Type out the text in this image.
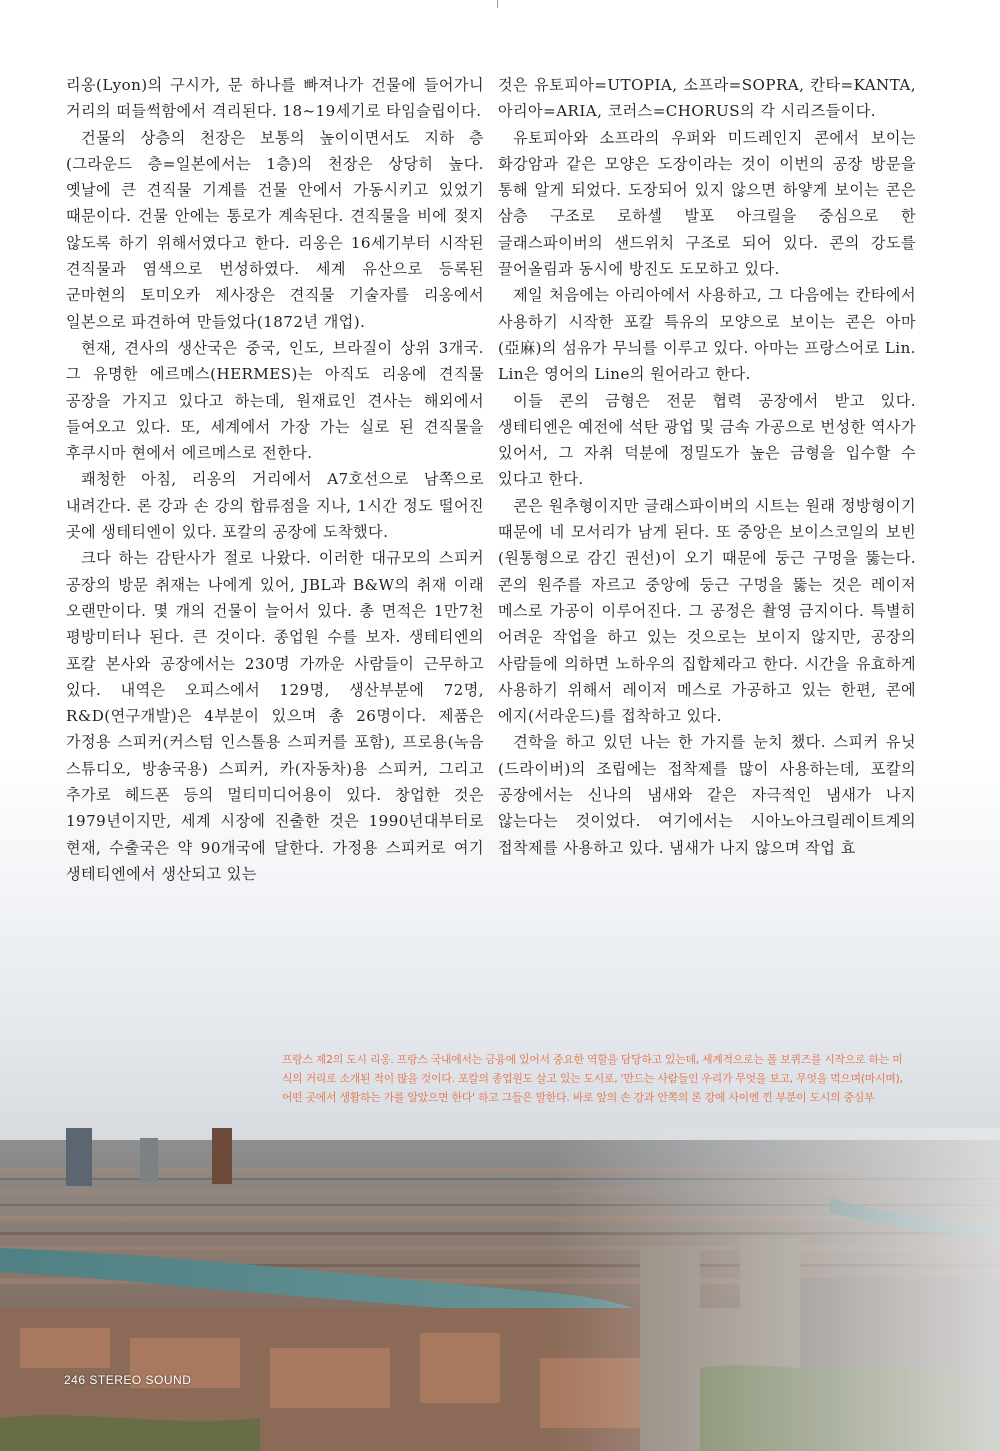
리옹(Lyon)의 구시가, 문 하나를 빠져나가 건물에 들어가니 거리의 떠들썩함에서 격리된다. 18~19세기로 타임슬립이다.

건물의 상층의 천장은 보통의 높이이면서도 지하 층(그라운드 층=일본에서는 1층)의 천장은 상당히 높다. 옛날에 큰 견직물 기계를 건물 안에서 가동시키고 있었기 때문이다. 건물 안에는 통로가 계속된다. 견직물을 비에 젖지 않도록 하기 위해서였다고 한다. 리옹은 16세기부터 시작된 견직물과 염색으로 번성하였다. 세계 유산으로 등록된 군마현의 토미오카 제사장은 견직물 기술자를 리옹에서 일본으로 파견하여 만들었다(1872년 개업).

현재, 견사의 생산국은 중국, 인도, 브라질이 상위 3개국. 그 유명한 에르메스(HERMES)는 아직도 리옹에 견직물 공장을 가지고 있다고 하는데, 원재료인 견사는 해외에서 들여오고 있다. 또, 세계에서 가장 가는 실로 된 견직물을 후쿠시마 현에서 에르메스로 전한다.

쾌청한 아침, 리옹의 거리에서 A7호선으로 남쪽으로 내려간다. 론 강과 손 강의 합류점을 지나, 1시간 정도 떨어진 곳에 생테티엔이 있다. 포칼의 공장에 도착했다.

크다 하는 감탄사가 절로 나왔다. 이러한 대규모의 스피커 공장의 방문 취재는 나에게 있어, JBL과 B&W의 취재 이래 오랜만이다. 몇 개의 건물이 늘어서 있다. 총 면적은 1만7천 평방미터나 된다. 큰 것이다. 종업원 수를 보자. 생테티엔의 포칼 본사와 공장에서는 230명 가까운 사람들이 근무하고 있다. 내역은 오피스에서 129명, 생산부분에 72명, R&D(연구개발)은 4부분이 있으며 총 26명이다. 제품은 가정용 스피커(커스텀 인스톨용 스피커를 포함), 프로용(녹음 스튜디오, 방송국용) 스피커, 카(자동차)용 스피커, 그리고 추가로 헤드폰 등의 멀티미디어용이 있다. 창업한 것은 1979년이지만, 세계 시장에 진출한 것은 1990년대부터로 현재, 수출국은 약 90개국에 달한다. 가정용 스피커로 여기 생테티엔에서 생산되고 있는

것은 유토피아=UTOPIA, 소프라=SOPRA, 칸타=KANTA, 아리아=ARIA, 코러스=CHORUS의 각 시리즈들이다.

유토피아와 소프라의 우퍼와 미드레인지 콘에서 보이는 화강암과 같은 모양은 도장이라는 것이 이번의 공장 방문을 통해 알게 되었다. 도장되어 있지 않으면 하얗게 보이는 콘은 삼층 구조로 로하셀 발포 아크릴을 중심으로 한 글래스파이버의 샌드위치 구조로 되어 있다. 콘의 강도를 끌어올림과 동시에 방진도 도모하고 있다.

제일 처음에는 아리아에서 사용하고, 그 다음에는 칸타에서 사용하기 시작한 포칼 특유의 모양으로 보이는 콘은 아마(亞麻)의 섬유가 무늬를 이루고 있다. 아마는 프랑스어로 Lin. Lin은 영어의 Line의 원어라고 한다.

이들 콘의 금형은 전문 협력 공장에서 받고 있다. 생테티엔은 예전에 석탄 광업 및 금속 가공으로 번성한 역사가 있어서, 그 자취 덕분에 정밀도가 높은 금형을 입수할 수 있다고 한다.

콘은 원추형이지만 글래스파이버의 시트는 원래 정방형이기 때문에 네 모서리가 남게 된다. 또 중앙은 보이스코일의 보빈(원통형으로 감긴 권선)이 오기 때문에 둥근 구멍을 뚫는다. 콘의 원주를 자르고 중앙에 둥근 구멍을 뚫는 것은 레이저 메스로 가공이 이루어진다. 그 공정은 촬영 금지이다. 특별히 어려운 작업을 하고 있는 것으로는 보이지 않지만, 공장의 사람들에 의하면 노하우의 집합체라고 한다. 시간을 유효하게 사용하기 위해서 레이저 메스로 가공하고 있는 한편, 콘에 에지(서라운드)를 접착하고 있다.

견학을 하고 있던 나는 한 가지를 눈치 챘다. 스피커 유닛(드라이버)의 조립에는 접착제를 많이 사용하는데, 포칼의 공장에서는 신나의 냄새와 같은 자극적인 냄새가 나지 않는다는 것이었다. 여기에서는 시아노아크릴레이트계의 접착제를 사용하고 있다. 냄새가 나지 않으며 작업 효

프랑스 제2의 도시 리옹. 프랑스 국내에서는 금융에 있어서 중요한 역할을 담당하고 있는데, 세계적으로는 폴 보퀴즈를 시작으로 하는 미식의 거리로 소개된 적이 많을 것이다. 포칼의 종업원도 살고 있는 도시로, '만드는 사람들인 우리가 무엇을 보고, 무엇을 먹으며(마시며), 어떤 곳에서 생활하는 가를 알았으면 한다' 하고 그들은 말한다. 바로 앞의 손 강과 안쪽의 론 강에 사이엔 낀 부분이 도시의 중심부
246 STEREO SOUND
